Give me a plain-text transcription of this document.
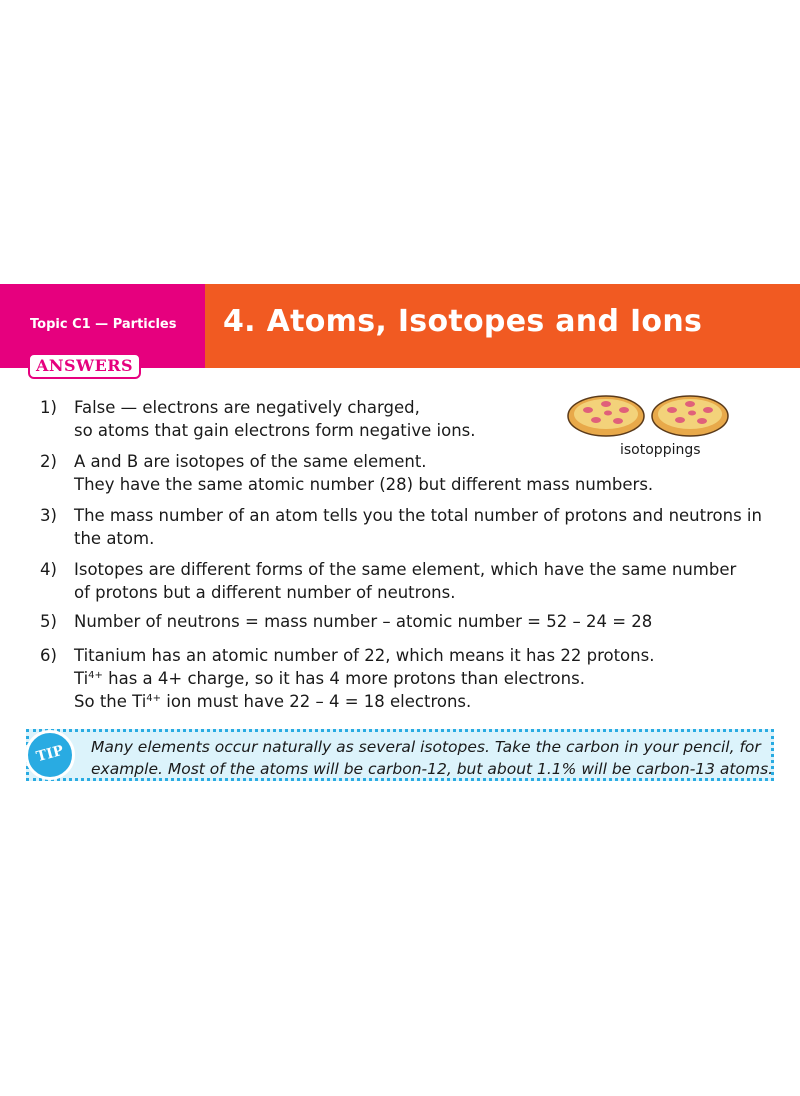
Topic C1 — Particles 4. Atoms, Isotopes and Ions
ANSWERS
1)	False — electrons are negatively charged,
so atoms that gain electrons form negative ions.
2)	A and B are isotopes of the same element.
They have the same atomic number (28) but different mass numbers.
3)	The mass number of an atom tells you the total number of protons and neutrons in
the atom.
4)	Isotopes are different forms of the same element, which have the same number
of protons but a different number of neutrons.
5)	Number of neutrons = mass number – atomic number = 52 – 24 = 28
6)	Titanium has an atomic number of 22, which means it has 22 protons.
$Ti^{4+}$ has a 4+ charge, so it has 4 more protons than electrons.
So the $Ti^{4+}$ ion must have 22 – 4 = 18 electrons.
isotoppings
TIP	Many elements occur naturally as several isotopes. Take the carbon in your pencil, for
example. Most of the atoms will be carbon-12, but about 1.1% will be carbon-13 atoms.
